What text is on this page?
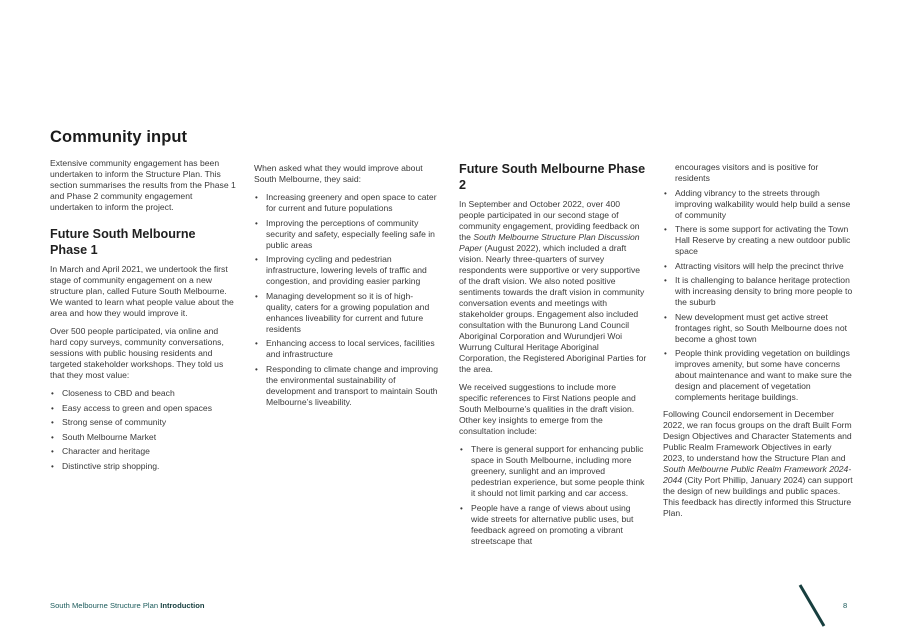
Community input

Extensive community engagement has been undertaken to inform the Structure Plan. This section summarises the results from the Phase 1 and Phase 2 community engagement undertaken to inform the project.

Future South Melbourne Phase 1

In March and April 2021, we undertook the first stage of community engagement on a new structure plan, called Future South Melbourne. We wanted to learn what people value about the area and how they would improve it.

Over 500 people participated, via online and hard copy surveys, community conversations, sessions with public housing residents and targeted stakeholder workshops. They told us that they most value:

• Closeness to CBD and beach
• Easy access to green and open spaces
• Strong sense of community
• South Melbourne Market
• Character and heritage
• Distinctive strip shopping.

When asked what they would improve about South Melbourne, they said:

• Increasing greenery and open space to cater for current and future populations
• Improving the perceptions of community security and safety, especially feeling safe in public areas
• Improving cycling and pedestrian infrastructure, lowering levels of traffic and congestion, and providing easier parking
• Managing development so it is of high-quality, caters for a growing population and enhances liveability for current and future residents
• Enhancing access to local services, facilities and infrastructure
• Responding to climate change and improving the environmental sustainability of development and transport to maintain South Melbourne’s liveability.
Future South Melbourne Phase 2

In September and October 2022, over 400 people participated in our second stage of community engagement, providing feedback on the South Melbourne Structure Plan Discussion Paper (August 2022), which included a draft vision. Nearly three-quarters of survey respondents were supportive or very supportive of the draft vision. We also noted positive sentiments towards the draft vision in community conversation events and meetings with stakeholder groups. Engagement also included consultation with the Bunurong Land Council Aboriginal Corporation and Wurundjeri Woi Wurrung Cultural Heritage Aboriginal Corporation, the Registered Aboriginal Parties for the area.

We received suggestions to include more specific references to First Nations people and South Melbourne’s qualities in the draft vision. Other key insights to emerge from the consultation include:

• There is general support for enhancing public space in South Melbourne, including more greenery, sunlight and an improved pedestrian experience, but some people think it should not limit parking and car access.
• People have a range of views about using wide streets for alternative public uses, but feedback agreed on promoting a vibrant streetscape that

encourages visitors and is positive for residents

• Adding vibrancy to the streets through improving walkability would help build a sense of community
• There is some support for activating the Town Hall Reserve by creating a new outdoor public space
• Attracting visitors will help the precinct thrive
• It is challenging to balance heritage protection with increasing density to bring more people to the suburb
• New development must get active street frontages right, so South Melbourne does not become a ghost town
• People think providing vegetation on buildings improves amenity, but some have concerns about maintenance and want to make sure the design and placement of vegetation complements heritage buildings.

Following Council endorsement in December 2022, we ran focus groups on the draft Built Form Design Objectives and Character Statements and Public Realm Framework Objectives in early 2023, to understand how the Structure Plan and South Melbourne Public Realm Framework 2024-2044 (City Port Phillip, January 2024) can support the design of new buildings and public spaces. This feedback has directly informed this Structure Plan.

South Melbourne Structure Plan Introduction	8
